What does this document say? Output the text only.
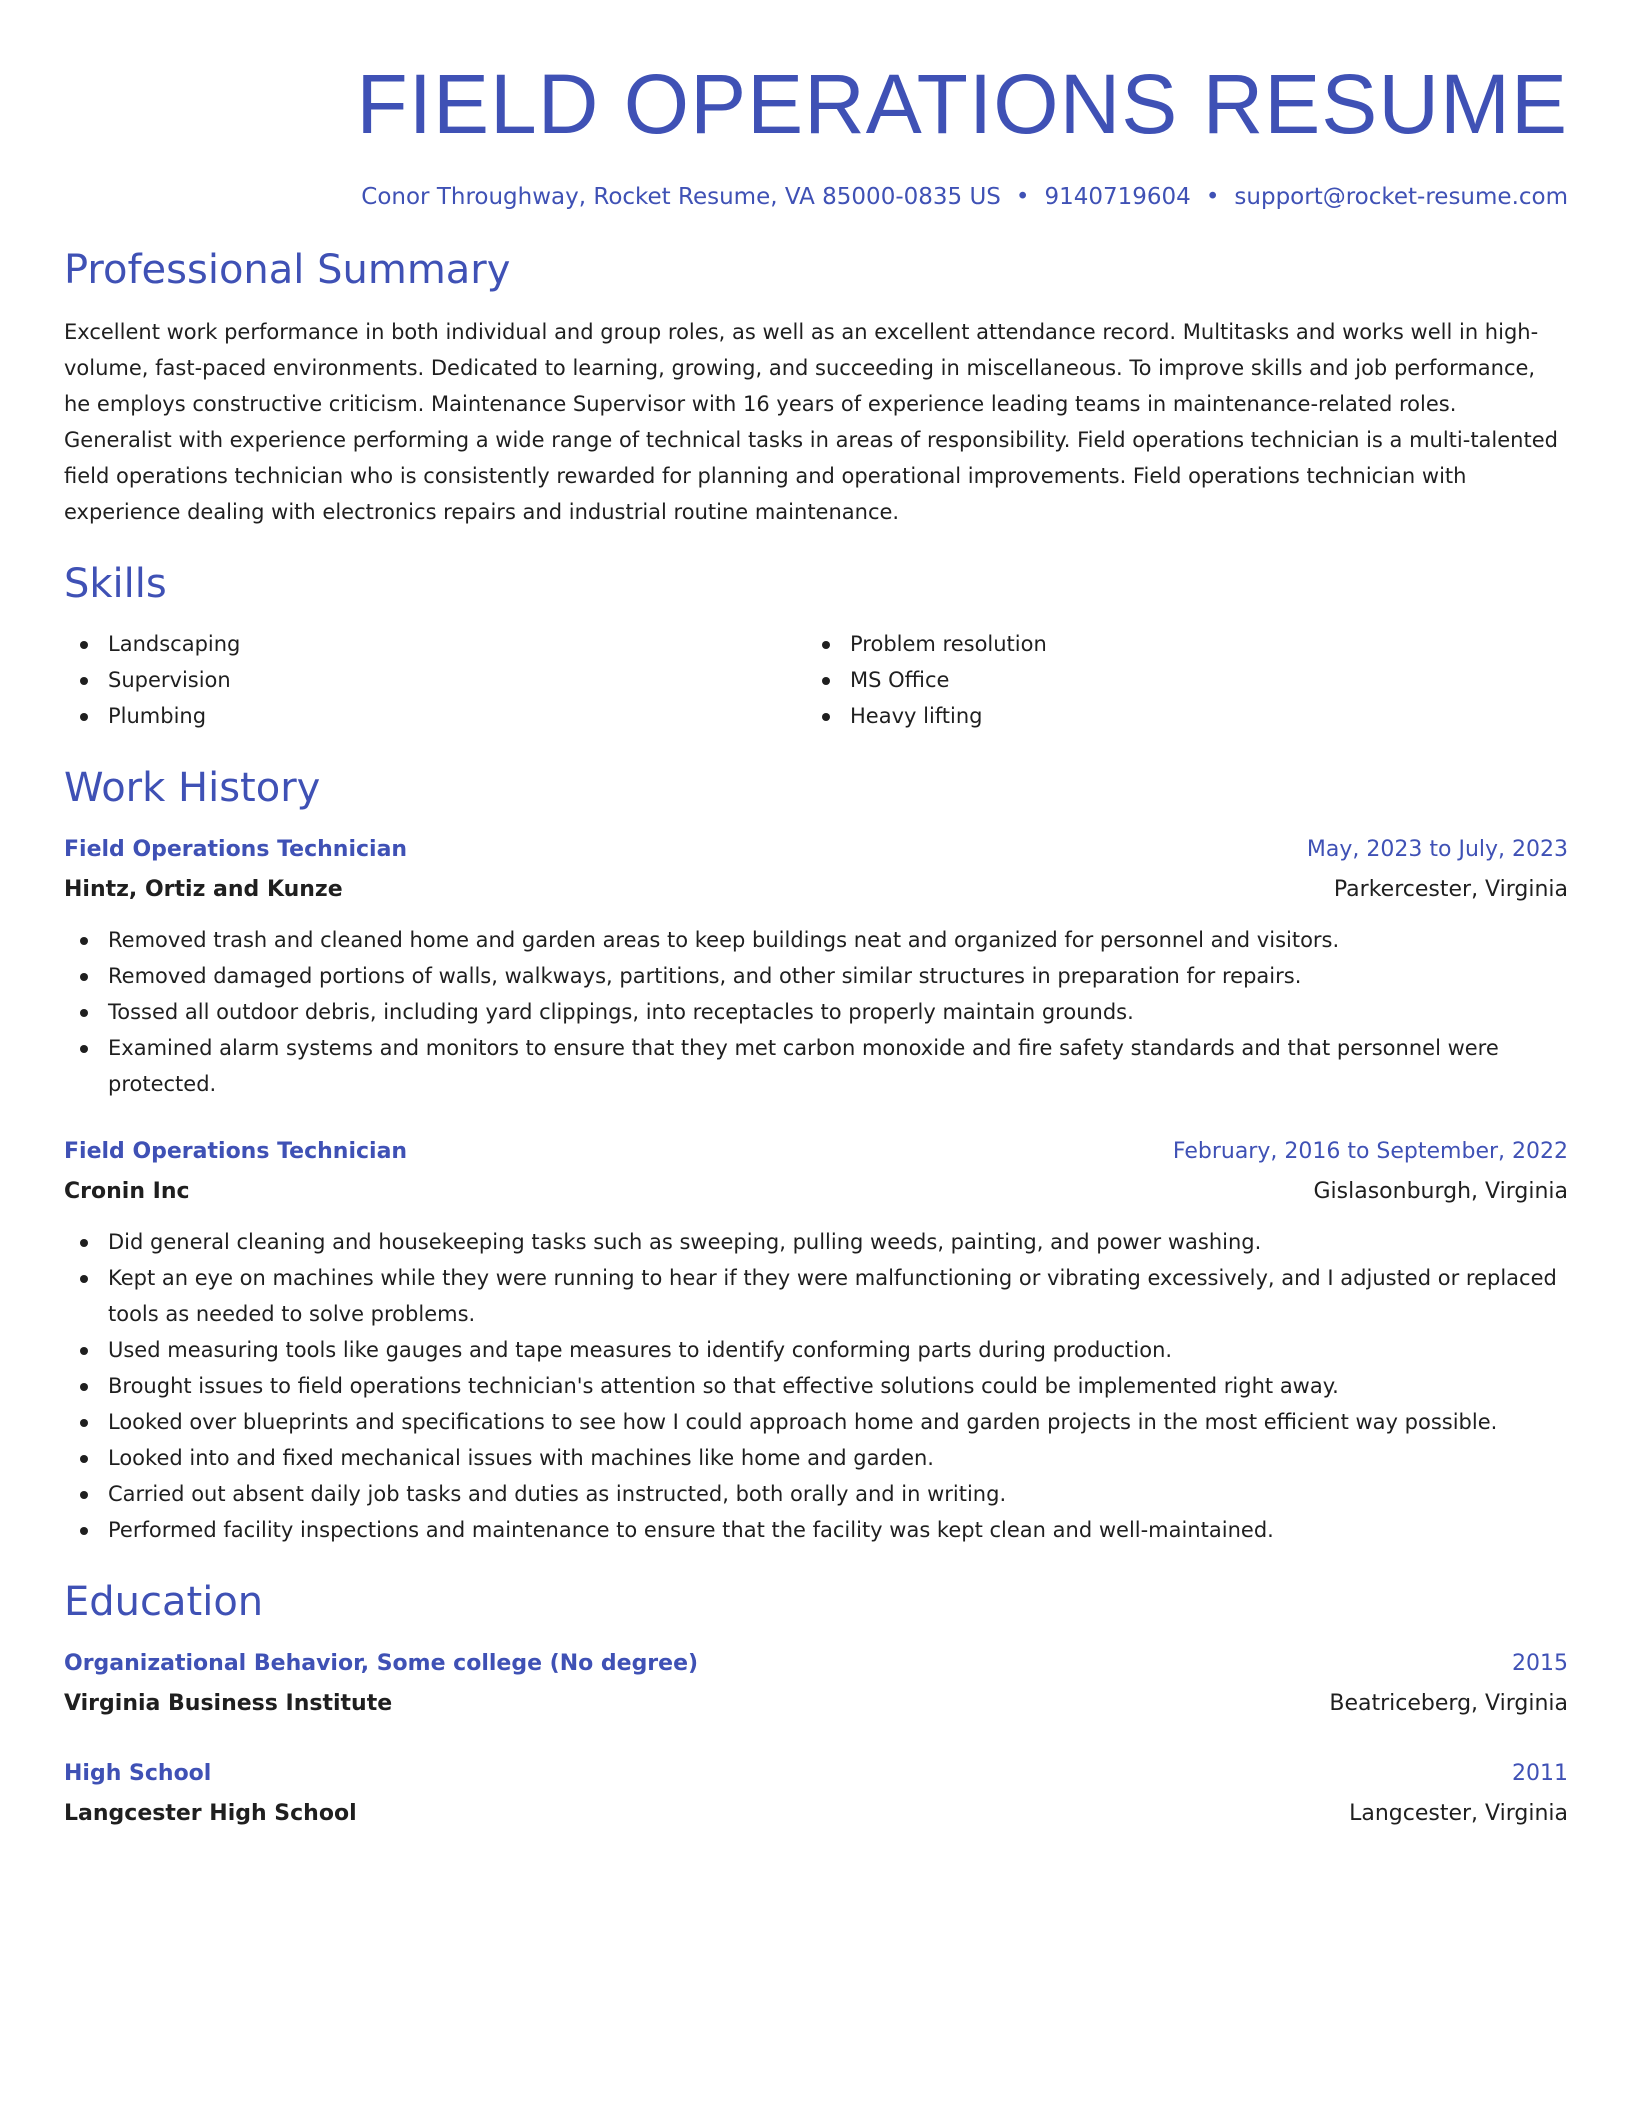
FIELD OPERATIONS RESUME
Conor Throughway, Rocket Resume, VA 85000-0835 US • 9140719604 • support@rocket-resume.com
Professional Summary

Excellent work performance in both individual and group roles, as well as an excellent attendance record. Multitasks and works well in high-volume, fast-paced environments. Dedicated to learning, growing, and succeeding in miscellaneous. To improve skills and job performance, he employs constructive criticism. Maintenance Supervisor with 16 years of experience leading teams in maintenance-related roles. Generalist with experience performing a wide range of technical tasks in areas of responsibility. Field operations technician is a multi-talented field operations technician who is consistently rewarded for planning and operational improvements. Field operations technician with experience dealing with electronics repairs and industrial routine maintenance.

Skills
Landscaping
Supervision
Plumbing
Problem resolution
MS Office
Heavy lifting
Work History
Field Operations Technician	May, 2023 to July, 2023
Hintz, Ortiz and Kunze	Parkercester, Virginia
Removed trash and cleaned home and garden areas to keep buildings neat and organized for personnel and visitors.
Removed damaged portions of walls, walkways, partitions, and other similar structures in preparation for repairs.
Tossed all outdoor debris, including yard clippings, into receptacles to properly maintain grounds.
Examined alarm systems and monitors to ensure that they met carbon monoxide and fire safety standards and that personnel were protected.
Field Operations Technician	February, 2016 to September, 2022
Cronin Inc	Gislasonburgh, Virginia
Did general cleaning and housekeeping tasks such as sweeping, pulling weeds, painting, and power washing.
Kept an eye on machines while they were running to hear if they were malfunctioning or vibrating excessively, and I adjusted or replaced tools as needed to solve problems.
Used measuring tools like gauges and tape measures to identify conforming parts during production.
Brought issues to field operations technician's attention so that effective solutions could be implemented right away.
Looked over blueprints and specifications to see how I could approach home and garden projects in the most efficient way possible.
Looked into and fixed mechanical issues with machines like home and garden.
Carried out absent daily job tasks and duties as instructed, both orally and in writing.
Performed facility inspections and maintenance to ensure that the facility was kept clean and well-maintained.
Education
Organizational Behavior, Some college (No degree)	2015
Virginia Business Institute	Beatriceberg, Virginia
High School	2011
Langcester High School	Langcester, Virginia
